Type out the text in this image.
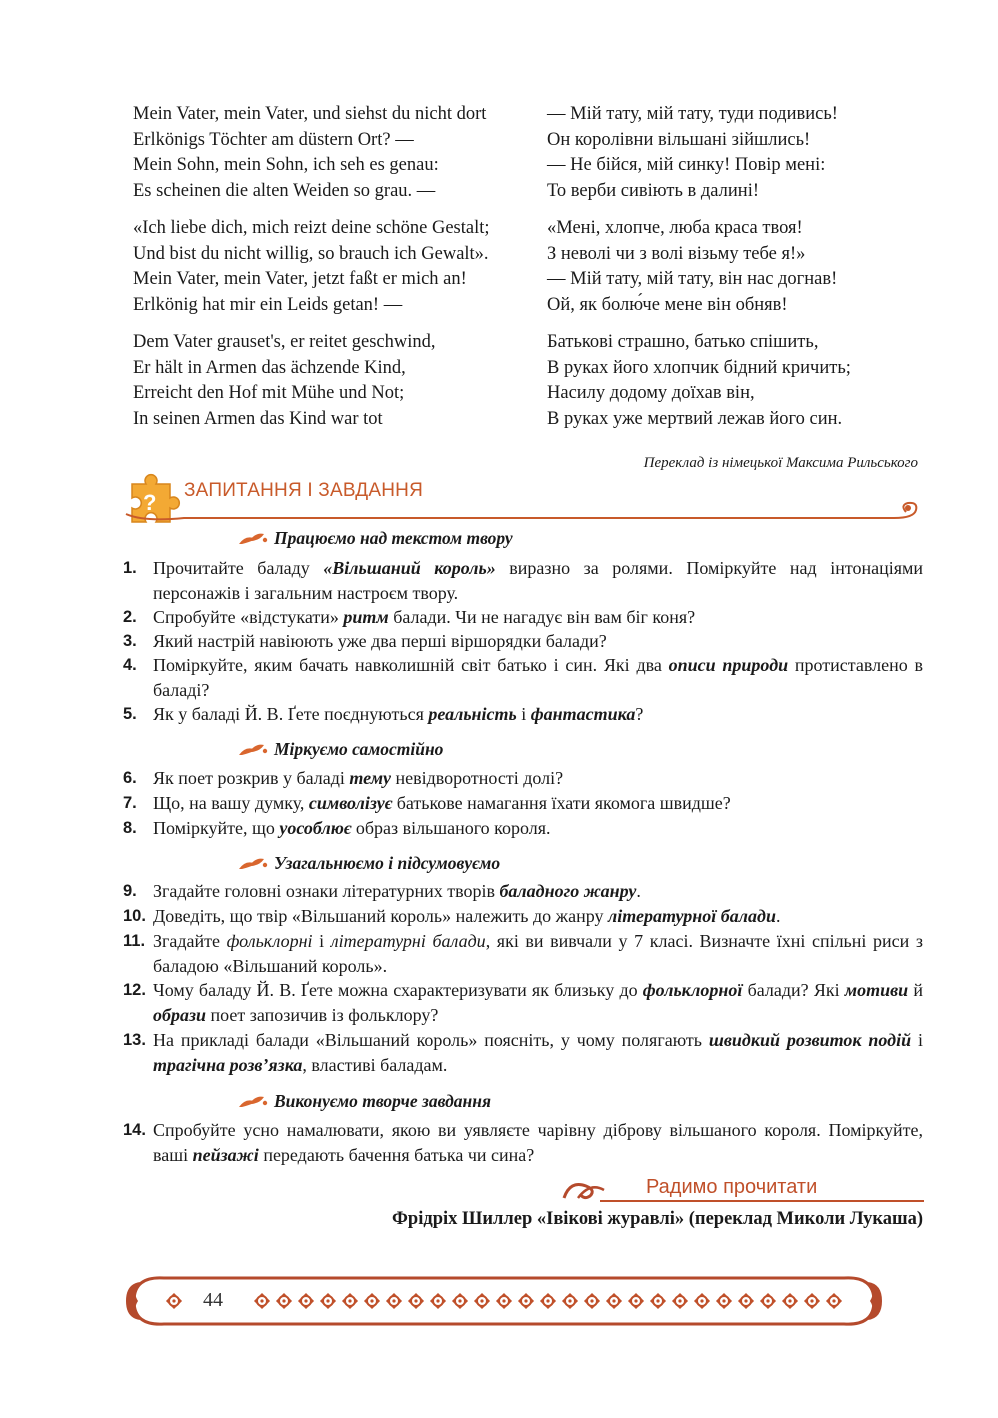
Mein Vater, mein Vater, und siehst du nicht dort
Erlkönigs Töchter am düstern Ort? —
Mein Sohn, mein Sohn, ich seh es genau:
Es scheinen die alten Weiden so grau. —
«Ich liebe dich, mich reizt deine schöne Gestalt;
Und bist du nicht willig, so brauch ich Gewalt».
Mein Vater, mein Vater, jetzt faßt er mich an!
Erlkönig hat mir ein Leids getan! —
Dem Vater grauset's, er reitet geschwind,
Er hält in Armen das ächzende Kind,
Erreicht den Hof mit Mühe und Not;
In seinen Armen das Kind war tot
— Мій тату, мій тату, туди подивись!
Он королівни вільшані зійшлись!
— Не бійся, мій синку! Повір мені:
То верби сивіють в далині!
«Мені, хлопче, люба краса твоя!
З неволі чи з волі візьму тебе я!»
— Мій тату, мій тату, він нас догнав!
Ой, як болю́че мене він обняв!
Батькові страшно, батько спішить,
В руках його хлопчик бідний кричить;
Насилу додому доїхав він,
В руках уже мертвий лежав його син.
Переклад із німецької Максима Рильського
? ЗАПИТАННЯ І ЗАВДАННЯ
Працюємо над текстом твору
1. Прочитайте баладу «Вільшаний король» виразно за ролями. Поміркуйте над інтонаціями персонажів і загальним настроєм твору.
2. Спробуйте «відстукати» ритм балади. Чи не нагадує він вам біг коня?
3. Який настрій навіюють уже два перші віршорядки балади?
4. Поміркуйте, яким бачать навколишній світ батько і син. Які два описи природи протиставлено в баладі?
5. Як у баладі Й. В. Ґете поєднуються реальність і фантастика?
Міркуємо самостійно
6. Як поет розкрив у баладі тему невідворотності долі?
7. Що, на вашу думку, символізує батькове намагання їхати якомога швидше?
8. Поміркуйте, що уособлює образ вільшаного короля.
Узагальнюємо і підсумовуємо
9. Згадайте головні ознаки літературних творів баладного жанру.
10. Доведіть, що твір «Вільшаний король» належить до жанру літературної балади.
11. Згадайте фольклорні і літературні балади, які ви вивчали у 7 класі. Визначте їхні спільні риси з баладою «Вільшаний король».
12. Чому баладу Й. В. Ґете можна схарактеризувати як близьку до фольклорної балади? Які мотиви й образи поет запозичив із фольклору?
13. На прикладі балади «Вільшаний король» поясніть, у чому полягають швидкий розвиток подій і трагічна розв’язка, властиві баладам.
Виконуємо творче завдання
14. Спробуйте усно намалювати, якою ви уявляєте чарівну діброву вільшаного короля. Поміркуйте, ваші пейзажі передають бачення батька чи сина?
Радимо прочитати
Фрідріх Шиллер «Івікові журавлі» (переклад Миколи Лукаша)
44
